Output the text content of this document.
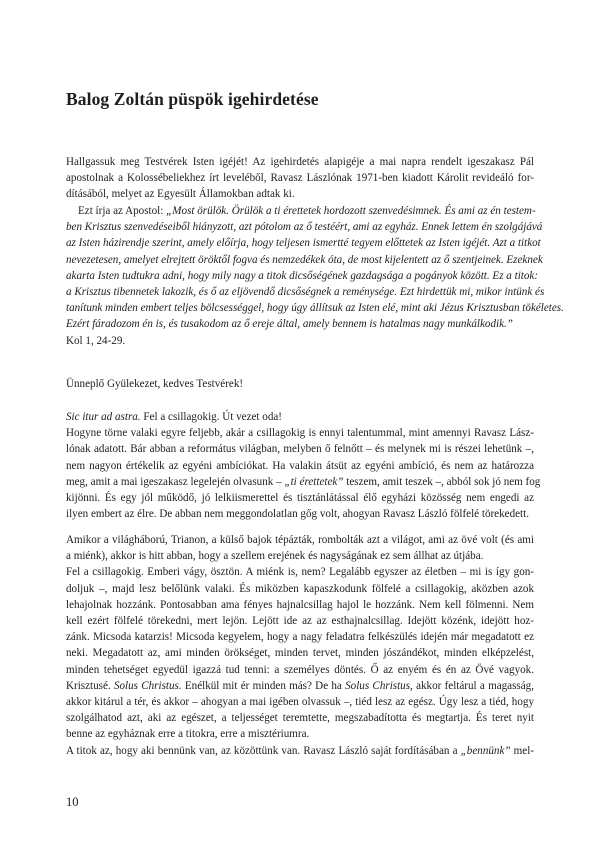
Balog Zoltán püspök igehirdetése
Hallgassuk meg Testvérek Isten igéjét! Az igehirdetés alapigéje a mai napra rendelt igeszakasz Pál
apostolnak a Kolossébeliekhez írt leveléből, Ravasz Lászlónak 1971-ben kiadott Károlit revideáló for-
dításából, melyet az Egyesült Államokban adtak ki.
Ezt írja az Apostol: „Most örülök. Örülök a ti érettetek hordozott szenvedésimnek. És ami az én testem-
ben Krisztus szenvedéseiből hiányzott, azt pótolom az ő testéért, ami az egyház. Ennek lettem én szolgájává
az Isten házirendje szerint, amely előírja, hogy teljesen ismertté tegyem előttetek az Isten igéjét. Azt a titkot
nevezetesen, amelyet elrejtett öröktől fogva és nemzedékek óta, de most kijelentett az ő szentjeinek. Ezeknek
akarta Isten tudtukra adni, hogy mily nagy a titok dicsőségének gazdagsága a pogányok között. Ez a titok:
a Krisztus tibennetek lakozik, és ő az eljövendő dicsőségnek a reménysége. Ezt hirdettük mi, mikor intünk és
tanítunk minden embert teljes bölcsességgel, hogy úgy állítsuk az Isten elé, mint aki Jézus Krisztusban tökéletes.
Ezért fáradozom én is, és tusakodom az ő ereje által, amely bennem is hatalmas nagy munkálkodik.”
Kol 1, 24-29.
Ünneplő Gyülekezet, kedves Testvérek!
Sic itur ad astra. Fel a csillagokig. Út vezet oda!
Hogyne törne valaki egyre feljebb, akár a csillagokig is ennyi talentummal, mint amennyi Ravasz Lász-
lónak adatott. Bár abban a református világban, melyben ő felnőtt – és melynek mi is részei lehetünk –,
nem nagyon értékelik az egyéni ambíciókat. Ha valakin átsüt az egyéni ambíció, és nem az határozza
meg, amit a mai igeszakasz legelején olvasunk – „ti érettetek” teszem, amit teszek –, abból sok jó nem fog
kijönni. És egy jól működő, jó lelkiismerettel és tisztánlátással élő egyházi közösség nem engedi az
ilyen embert az élre. De abban nem meggondolatlan gőg volt, ahogyan Ravasz László fölfelé törekedett.
Amikor a világháború, Trianon, a külső bajok tépázták, rombolták azt a világot, ami az övé volt (és ami
a miénk), akkor is hitt abban, hogy a szellem erejének és nagyságának ez sem állhat az útjába.
Fel a csillagokig. Emberi vágy, ösztön. A miénk is, nem? Legalább egyszer az életben – mi is így gon-
doljuk –, majd lesz belőlünk valaki. És miközben kapaszkodunk fölfelé a csillagokig, aközben azok
lehajolnak hozzánk. Pontosabban ama fényes hajnalcsillag hajol le hozzánk. Nem kell fölmenni. Nem
kell ezért fölfelé törekedni, mert lejön. Lejött ide az az esthajnalcsillag. Idejött közénk, idejött hoz-
zánk. Micsoda katarzis! Micsoda kegyelem, hogy a nagy feladatra felkészülés idején már megadatott ez
neki. Megadatott az, ami minden örökséget, minden tervet, minden jószándékot, minden elképzelést,
minden tehetséget egyedül igazzá tud tenni: a személyes döntés. Ő az enyém és én az Övé vagyok.
Krisztusé. Solus Christus. Enélkül mit ér minden más? De ha Solus Christus, akkor feltárul a magasság,
akkor kitárul a tér, és akkor – ahogyan a mai igében olvassuk –, tiéd lesz az egész. Úgy lesz a tiéd, hogy
szolgálhatod azt, aki az egészet, a teljességet teremtette, megszabadította és megtartja. És teret nyit
benne az egyháznak erre a titokra, erre a misztériumra.
A titok az, hogy aki bennünk van, az közöttünk van. Ravasz László saját fordításában a „bennünk” mel-
10
